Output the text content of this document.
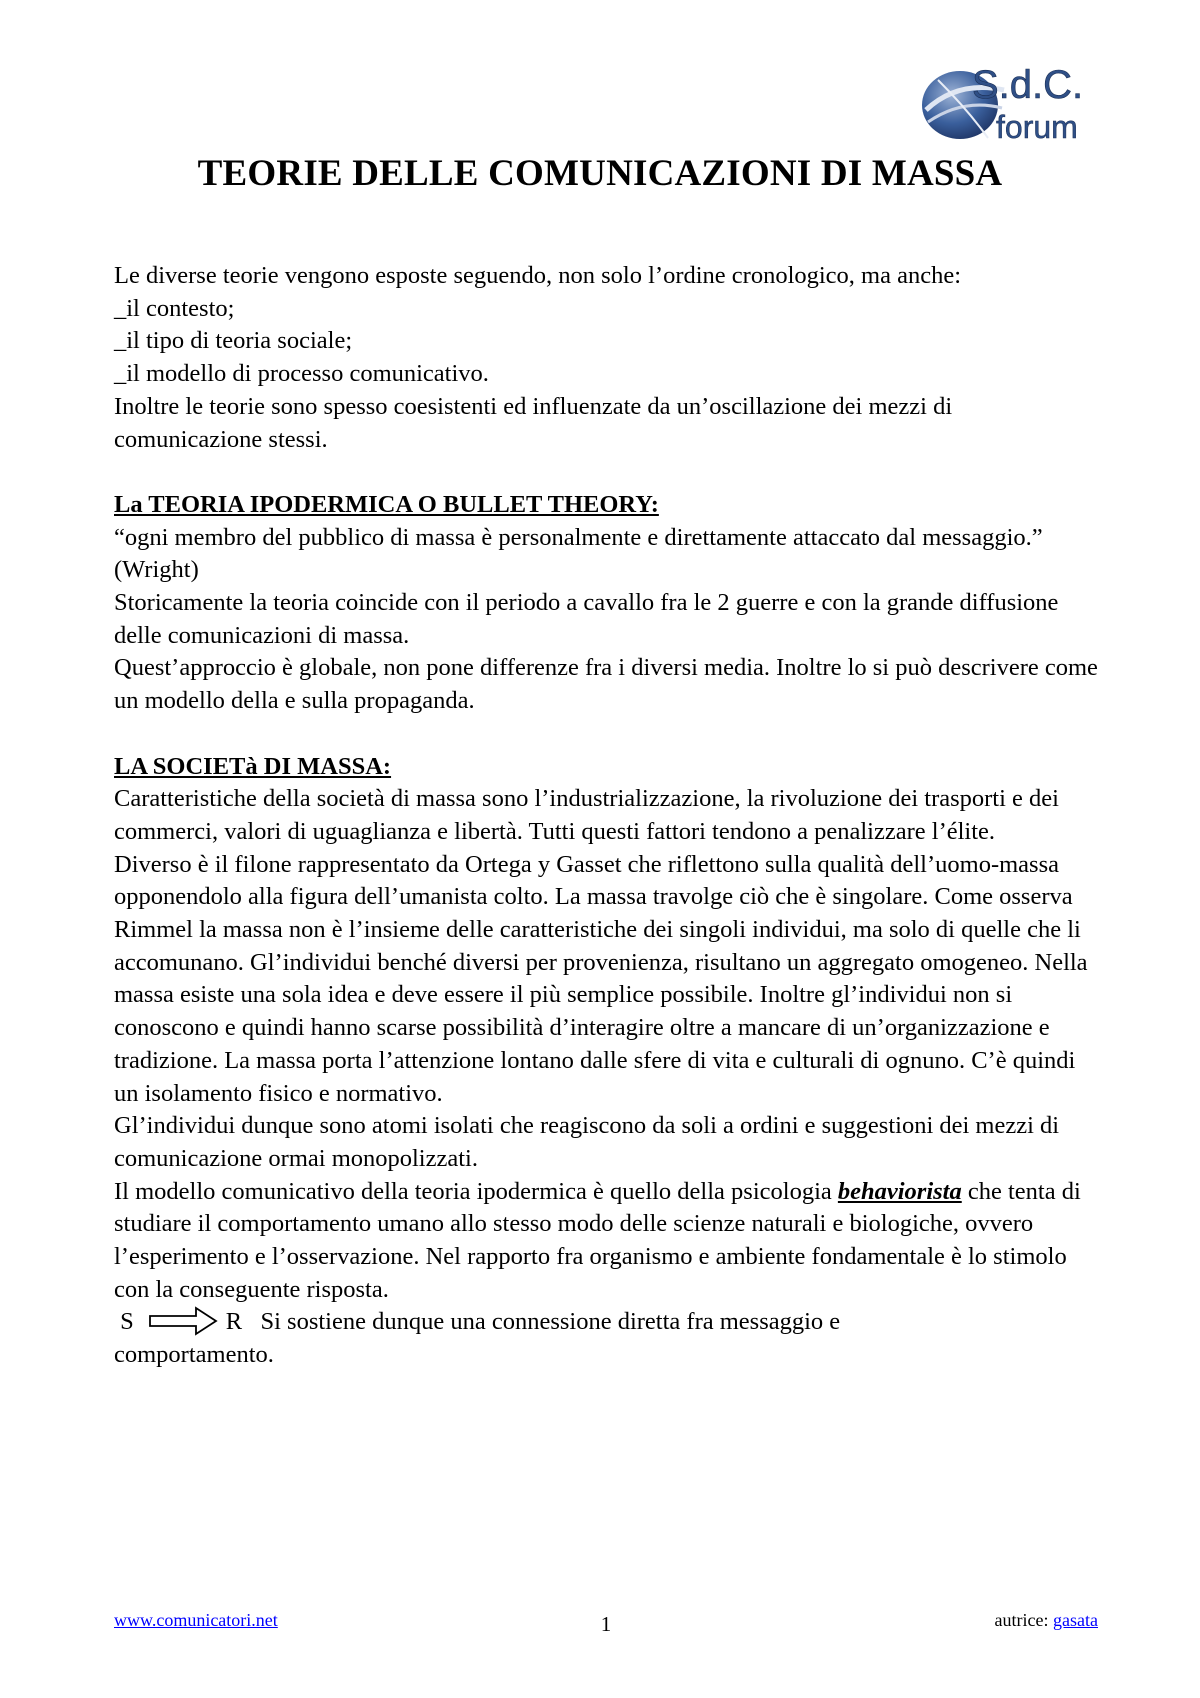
S.d.C.
forum
TEORIE DELLE COMUNICAZIONI DI MASSA

Le diverse teorie vengono esposte seguendo, non solo l’ordine cronologico, ma anche:

_il contesto;

_il tipo di teoria sociale;

_il modello di processo comunicativo.

Inoltre le teorie sono spesso coesistenti ed influenzate da un’oscillazione dei mezzi di comunicazione stessi.

La TEORIA IPODERMICA O BULLET THEORY:

“ogni membro del pubblico di massa è personalmente e direttamente attaccato dal messaggio.” (Wright)

Storicamente la teoria coincide con il periodo a cavallo fra le 2 guerre e con la grande diffusione delle comunicazioni di massa.

Quest’approccio è globale, non pone differenze fra i diversi media. Inoltre lo si può descrivere come un modello della e sulla propaganda.

LA SOCIETà DI MASSA:

Caratteristiche della società di massa sono l’industrializzazione, la rivoluzione dei trasporti e dei commerci, valori di uguaglianza e libertà. Tutti questi fattori tendono a penalizzare l’élite.

Diverso è il filone rappresentato da Ortega y Gasset che riflettono sulla qualità dell’uomo-massa opponendolo alla figura dell’umanista colto. La massa travolge ciò che è singolare. Come osserva Rimmel la massa non è l’insieme delle caratteristiche dei singoli individui, ma solo di quelle che li accomunano. Gl’individui benché diversi per provenienza, risultano un aggregato omogeneo. Nella massa esiste una sola idea e deve essere il più semplice possibile. Inoltre gl’individui non si conoscono e quindi hanno scarse possibilità d’interagire oltre a mancare di un’organizzazione e tradizione. La massa porta l’attenzione lontano dalle sfere di vita e culturali di ognuno. C’è quindi un isolamento fisico e normativo.

Gl’individui dunque sono atomi isolati che reagiscono da soli a ordini e suggestioni dei mezzi di comunicazione ormai monopolizzati.

Il modello comunicativo della teoria ipodermica è quello della psicologia behaviorista che tenta di studiare il comportamento umano allo stesso modo delle scienze naturali e biologiche, ovvero l’esperimento e l’osservazione. Nel rapporto fra organismo e ambiente fondamentale è lo stimolo con la conseguente risposta.

S	R Si sostiene dunque una connessione diretta fra messaggio e

comportamento.

www.comunicatori.net	1	autrice: gasata
